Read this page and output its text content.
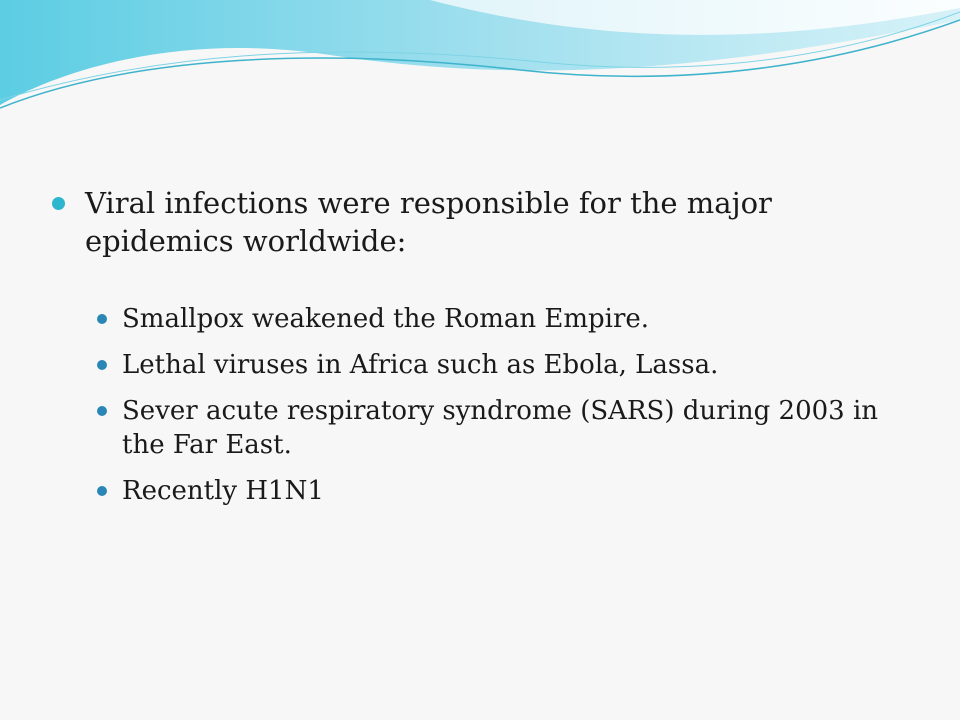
Viral infections were responsible for the major epidemics worldwide:
Smallpox weakened the Roman Empire.
Lethal viruses in Africa such as Ebola, Lassa.
Sever acute respiratory syndrome (SARS) during 2003 in the Far East.
Recently H1N1
